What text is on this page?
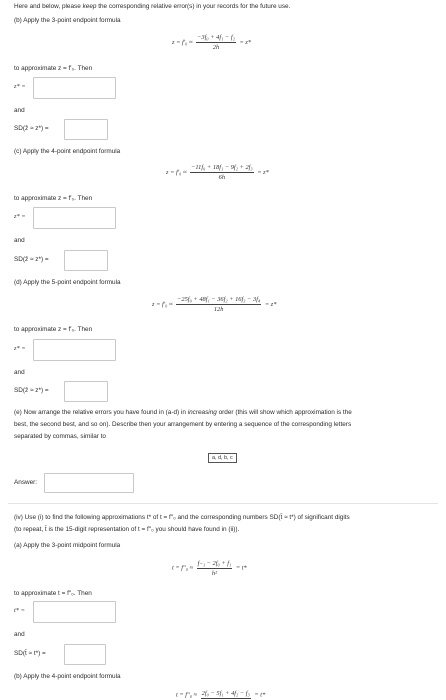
Here and below, please keep the corresponding relative error(s) in your records for the future use.
(b) Apply the 3-point endpoint formula
$z = f'_0 \approx \frac{\text{−3f₀ + 4f₁ − f₂}}{2h} = z*$
to approximate z = f′₀. Then
z* =
and
SD(z̄ ≈ z*) =
(c) Apply the 4-point endpoint formula
$z = f'_0 \approx \frac{\text{−11f₀ + 18f₁ − 9f₂ + 2f₃}}{6h} = z*$
to approximate z = f′₀. Then
z* =
and
SD(z̄ ≈ z*) =
(d) Apply the 5-point endpoint formula
$z = f'_0 \approx \frac{\text{−25f₀ + 48f₁ − 36f₂ + 16f₃ − 3f₄}}{12h} = z*$
to approximate z = f′₀. Then
z* =
and
SD(z̄ ≈ z*) =
(e) Now arrange the relative errors you have found in (a-d) in increasing order (this will show which approximation is the
best, the second best, and so on). Describe then your arrangement by entering a sequence of the corresponding letters
separated by commas, similar to
a, d, b, c
Answer:
(iv) Use (i) to find the following approximations t* of t = f″₀ and the corresponding numbers SD(t̄ ≈ t*) of significant digits
(to repeat, t̄ is the 15-digit representation of t = f″₀ you should have found in (ii)).
(a) Apply the 3-point midpoint formula
$t = f''_0 \approx \frac{\text{f₋₁ − 2f₀ + f₁}}{\text{h²}} = t*$
to approximate t = f″₀. Then
t* =
and
SD(t̄ ≈ t*) =
(b) Apply the 4-point endpoint formula
t = f″₀ ≈ 2f₀ − 5f₁ + 4f₂ − f₃ = t*
